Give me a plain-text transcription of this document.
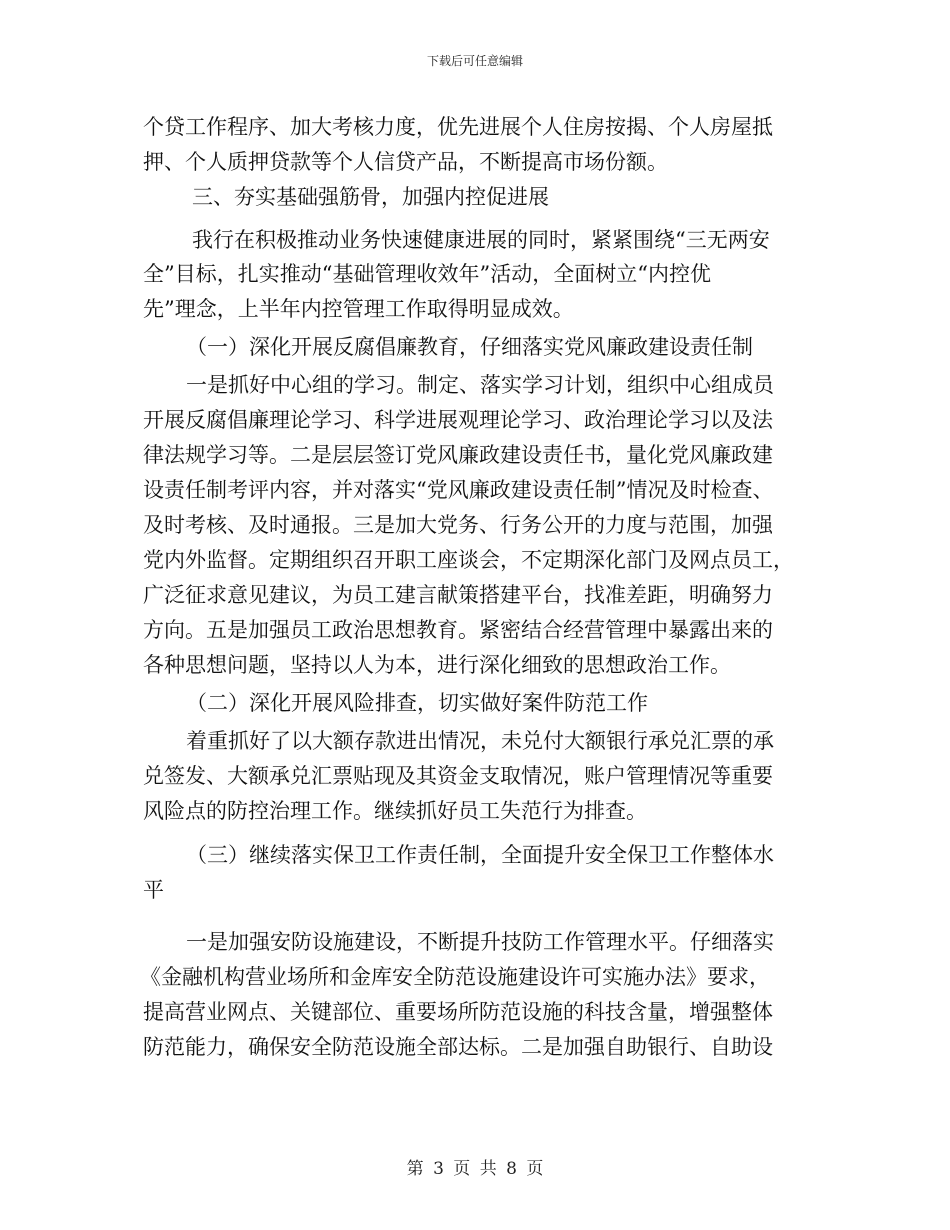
下载后可任意编辑
个贷工作程序、加大考核力度，优先进展个人住房按揭、个人房屋抵
押、个人质押贷款等个人信贷产品，不断提高市场份额。
三、夯实基础强筋骨，加强内控促进展
我行在积极推动业务快速健康进展的同时，紧紧围绕“三无两安
全”目标，扎实推动“基础管理收效年”活动，全面树立“内控优
先”理念，上半年内控管理工作取得明显成效。
（一）深化开展反腐倡廉教育，仔细落实党风廉政建设责任制
一是抓好中心组的学习。制定、落实学习计划，组织中心组成员
开展反腐倡廉理论学习、科学进展观理论学习、政治理论学习以及法
律法规学习等。二是层层签订党风廉政建设责任书，量化党风廉政建
设责任制考评内容，并对落实“党风廉政建设责任制”情况及时检查、
及时考核、及时通报。三是加大党务、行务公开的力度与范围，加强
党内外监督。定期组织召开职工座谈会，不定期深化部门及网点员工，
广泛征求意见建议，为员工建言献策搭建平台，找准差距，明确努力
方向。五是加强员工政治思想教育。紧密结合经营管理中暴露出来的
各种思想问题，坚持以人为本，进行深化细致的思想政治工作。
（二）深化开展风险排查，切实做好案件防范工作
着重抓好了以大额存款进出情况，未兑付大额银行承兑汇票的承
兑签发、大额承兑汇票贴现及其资金支取情况，账户管理情况等重要
风险点的防控治理工作。继续抓好员工失范行为排查。
（三）继续落实保卫工作责任制，全面提升安全保卫工作整体水
平
一是加强安防设施建设，不断提升技防工作管理水平。仔细落实
《金融机构营业场所和金库安全防范设施建设许可实施办法》要求，
提高营业网点、关键部位、重要场所防范设施的科技含量，增强整体
防范能力，确保安全防范设施全部达标。二是加强自助银行、自助设
第 3 页 共 8 页
